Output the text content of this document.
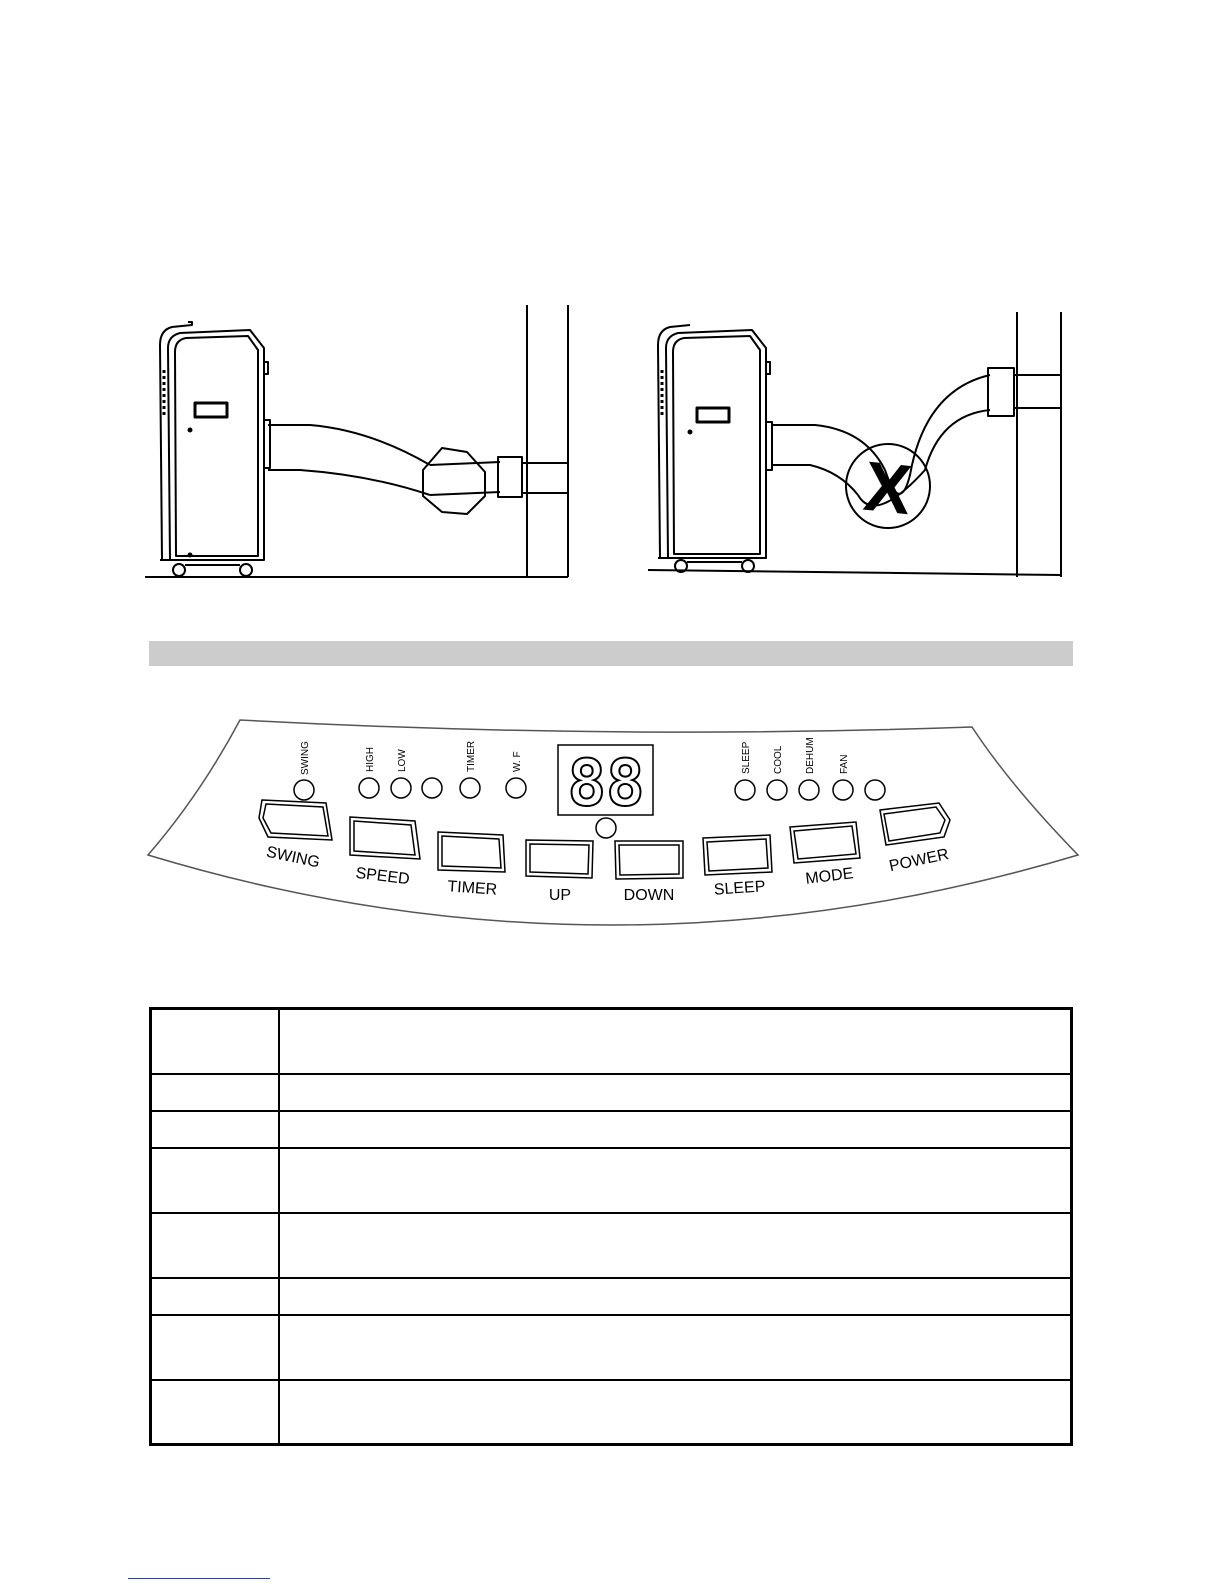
X
88
SWING	HIGH LOW	TIMER	W. F	SLEEP COOL DEHUM FAN
SWING
SPEED
TIMER	UP	DOWN SLEEP
MODE
POWER
